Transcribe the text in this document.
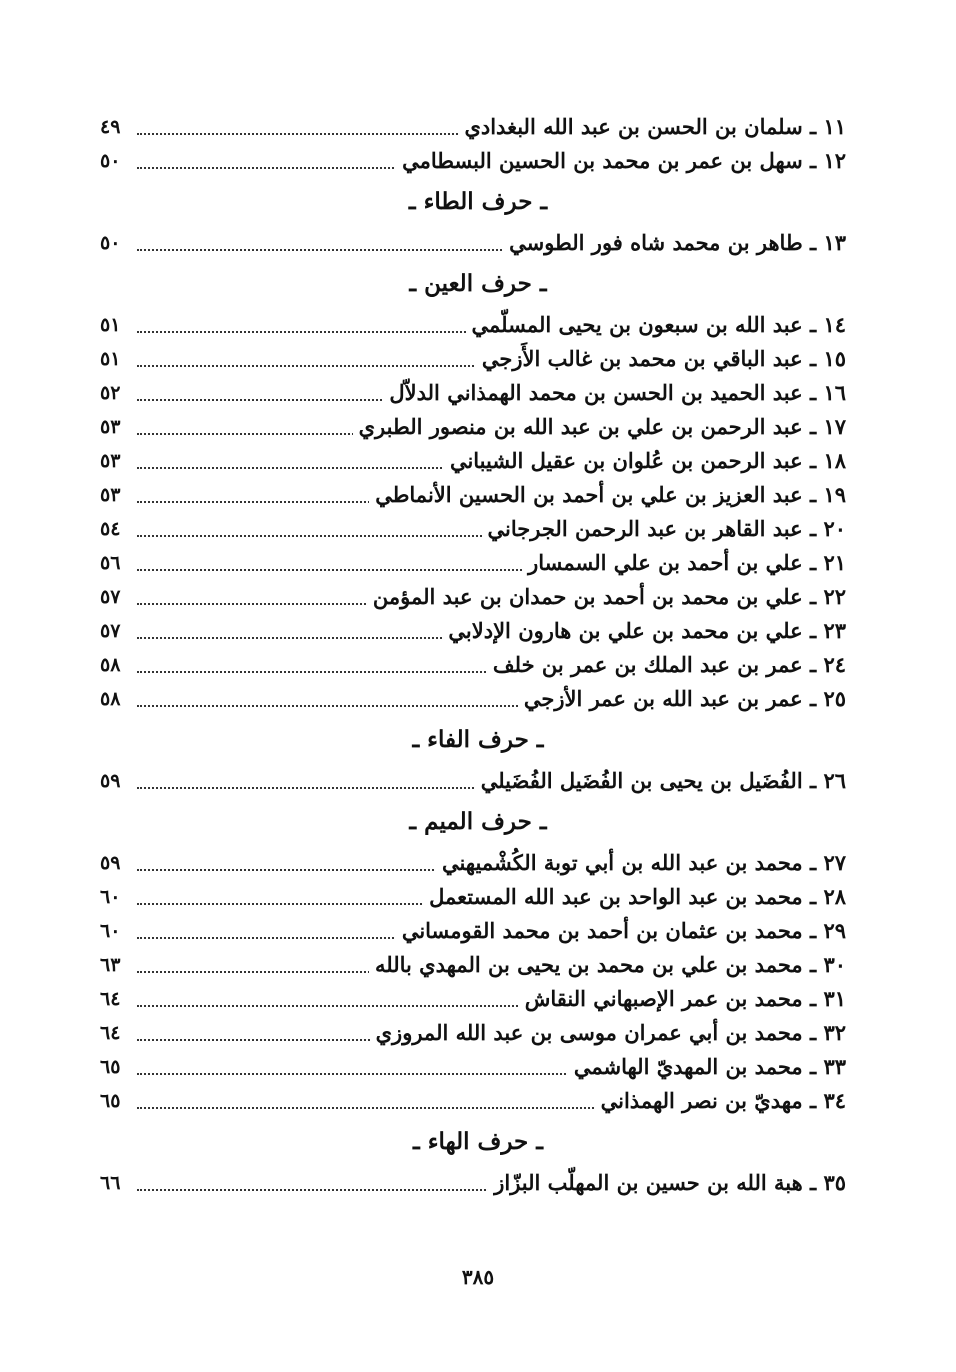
١١ ـ سلمان بن الحسن بن عبد الله البغدادي
٤٩
١٢ ـ سهل بن عمر بن محمد بن الحسين البسطامي
٥٠
ـ حرف الطاء ـ
١٣ ـ طاهر بن محمد شاه فور الطوسي
٥٠
ـ حرف العين ـ
١٤ ـ عبد الله بن سبعون بن يحيى المسلّمي
٥١
١٥ ـ عبد الباقي بن محمد بن غالب الأَزجي
٥١
١٦ ـ عبد الحميد بن الحسن بن محمد الهمذاني الدلاّل
٥٢
١٧ ـ عبد الرحمن بن علي بن عبد الله بن منصور الطبري
٥٣
١٨ ـ عبد الرحمن بن عُلوان بن عقيل الشيباني
٥٣
١٩ ـ عبد العزيز بن علي بن أحمد بن الحسين الأنماطي
٥٣
٢٠ ـ عبد القاهر بن عبد الرحمن الجرجاني
٥٤
٢١ ـ علي بن أحمد بن علي السمسار
٥٦
٢٢ ـ علي بن محمد بن أحمد بن حمدان بن عبد المؤمن
٥٧
٢٣ ـ علي بن محمد بن علي بن هارون الإدلابي
٥٧
٢٤ ـ عمر بن عبد الملك بن عمر بن خلف
٥٨
٢٥ ـ عمر بن عبد الله بن عمر الأزجي
٥٨
ـ حرف الفاء ـ
٢٦ ـ الفُضَيل بن يحيى بن الفُضَيل الفُضَيلي
٥٩
ـ حرف الميم ـ
٢٧ ـ محمد بن عبد الله بن أبي توبة الكُشْميهني
٥٩
٢٨ ـ محمد بن عبد الواحد بن عبد الله المستعمل
٦٠
٢٩ ـ محمد بن عثمان بن أحمد بن محمد القومساني
٦٠
٣٠ ـ محمد بن علي بن محمد بن يحيى بن المهدي بالله
٦٣
٣١ ـ محمد بن عمر الإصبهاني النقاش
٦٤
٣٢ ـ محمد بن أبي عمران موسى بن عبد الله المروزي
٦٤
٣٣ ـ محمد بن المهديّ الهاشمي
٦٥
٣٤ ـ مهديّ بن نصر الهمذاني
٦٥
ـ حرف الهاء ـ
٣٥ ـ هبة الله بن حسين بن المهلّب البزّاز
٦٦
٣٨٥
